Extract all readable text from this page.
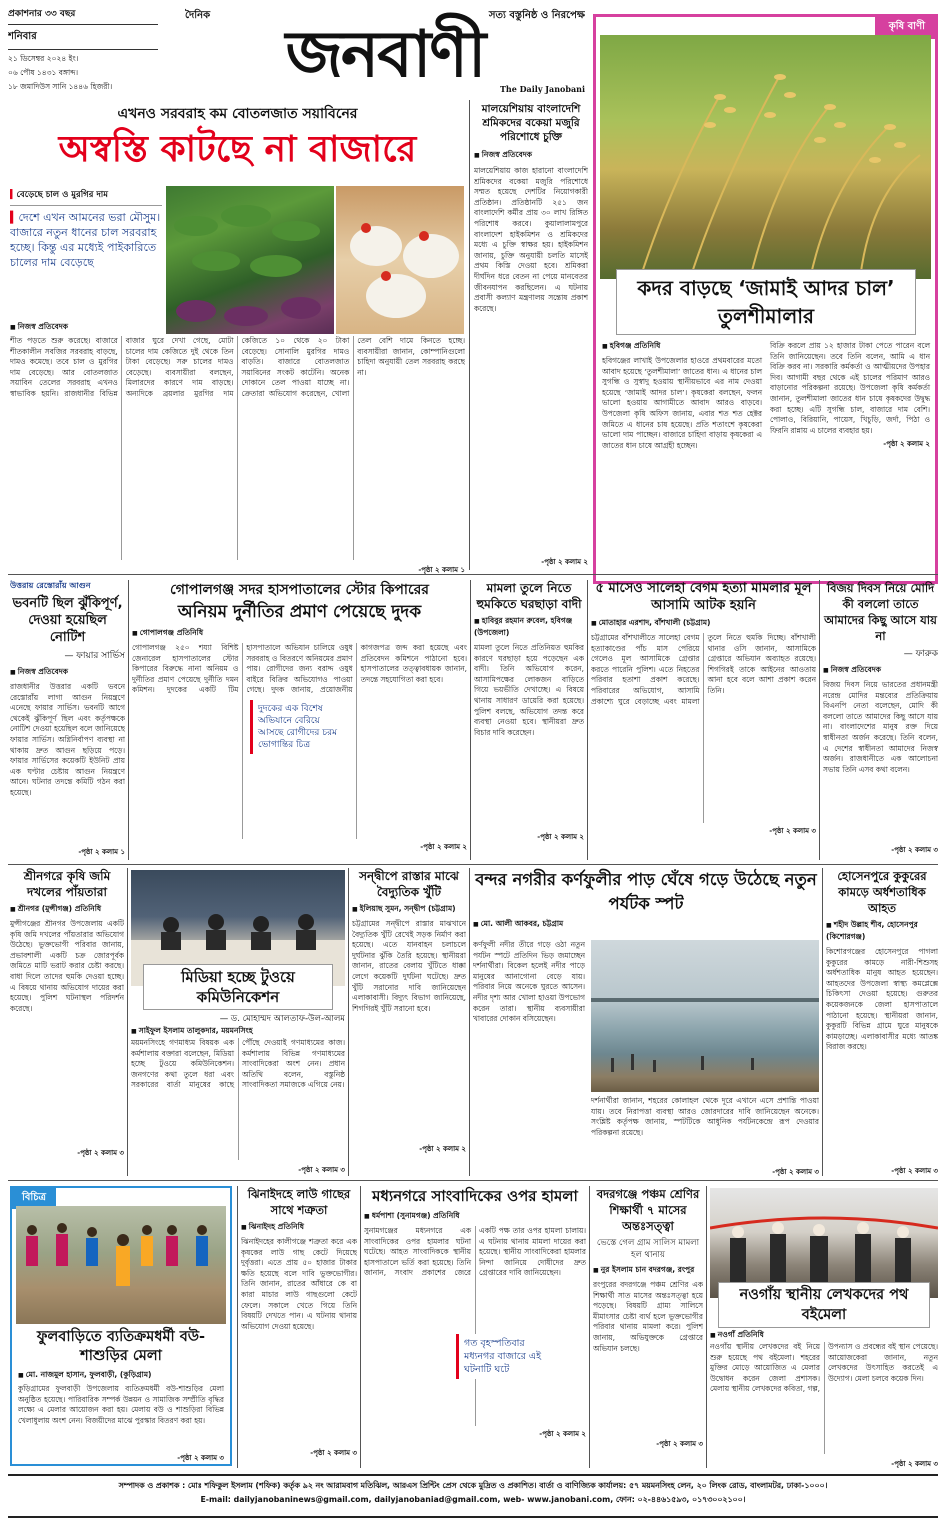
প্রকাশনার ৩৩ বছর
শনিবার
২১ ডিসেম্বর ২০২৪ ইং।
০৬ পৌষ ১৪৩১ বঙ্গাব্দ।
১৮ জমাদিউস সানি ১৪৪৬ হিজরী।
দৈনিক	সত্য বস্তুনিষ্ঠ ও নিরপেক্ষ
জনবাণী	The Daily Janobani
কৃষি বাণী
কদর বাড়ছে ‘জামাই আদর চাল’ তুলশীমালার
■ হবিগঞ্জ প্রতিনিধি
হবিগঞ্জের লাখাই উপজেলার হাওরে প্রথমবারের মতো আবাদ হয়েছে ‘তুলশীমালা’ জাতের ধান। এ ধানের চাল সুগন্ধি ও সুস্বাদু হওয়ায় স্থানীয়ভাবে এর নাম দেওয়া হয়েছে ‘জামাই আদর চাল’। কৃষকেরা বলছেন, ফলন ভালো হওয়ায় আগামীতে আবাদ আরও বাড়বে। উপজেলা কৃষি অফিস জানায়, এবার শত শত হেক্টর জমিতে এ ধানের চাষ হয়েছে। প্রতি শতাংশে কৃষকেরা ভালো দাম পাচ্ছেন। বাজারে চাহিদা বাড়ায় কৃষকেরা এ জাতের ধান চাষে আগ্রহী হচ্ছেন।
বিক্রি করলে প্রায় ১২ হাজার টাকা পেতে পারেন বলে তিনি জানিয়েছেন। তবে তিনি বলেন, আমি এ ধান বিক্রি করব না। সরকারি কর্মকর্তা ও আত্মীয়দের উপহার দিব। আগামী বছর থেকে এই চালের পরিমাণ আরও বাড়ানোর পরিকল্পনা রয়েছে। উপজেলা কৃষি কর্মকর্তা জানান, তুলশীমালা জাতের ধান চাষে কৃষকদের উদ্বুদ্ধ করা হচ্ছে। এটি সুগন্ধি চাল, বাজারে দাম বেশি। পোলাও, বিরিয়ানি, পায়েস, খিচুড়ি, জর্দা, পিঠা ও ফিরনি রান্নায় এ চালের ব্যবহার হয়।
-পৃষ্ঠা ২ কলাম ২
এখনও সরবরাহ কম বোতলজাত সয়াবিনের
অস্বস্তি কাটছে না বাজারে
▍বেড়েছে চাল ও মুরগির দাম
▍দেশে এখন আমনের ভরা মৌসুম। বাজারে নতুন ধানের চাল সরবরাহ হচ্ছে। কিন্তু এর মধ্যেই পাইকারিতে চালের দাম বেড়েছে
■ নিজস্ব প্রতিবেদক
শীত পড়তে শুরু করেছে। বাজারে শীতকালীন সবজির সরবরাহ বাড়ছে, দামও কমেছে। তবে চাল ও মুরগির দাম বেড়েছে। আর বোতলজাত সয়াবিন তেলের সরবরাহ এখনও স্বাভাবিক হয়নি। রাজধানীর বিভিন্ন বাজার ঘুরে দেখা গেছে, মোটা চালের দাম কেজিতে দুই থেকে তিন টাকা বেড়েছে। সরু চালের দামও বেড়েছে। ব্যবসায়ীরা বলছেন, মিলারদের কারণে দাম বাড়ছে। অন্যদিকে ব্রয়লার মুরগির দাম কেজিতে ১০ থেকে ২০ টাকা বেড়েছে। সোনালি মুরগির দামও বাড়তি। বাজারে বোতলজাত সয়াবিনের সংকট কাটেনি। অনেক দোকানে তেল পাওয়া যাচ্ছে না। ক্রেতারা অভিযোগ করেছেন, খোলা তেল বেশি দামে কিনতে হচ্ছে। ব্যবসায়ীরা জানান, কোম্পানিগুলো চাহিদা অনুযায়ী তেল সরবরাহ করছে না।
-পৃষ্ঠা ২ কলাম ১
মালয়েশিয়ায় বাংলাদেশি শ্রমিকদের বকেয়া মজুরি পরিশোধে চুক্তি
■ নিজস্ব প্রতিবেদক
মালয়েশিয়ায় কাজ হারানো বাংলাদেশি শ্রমিকদের বকেয়া মজুরি পরিশোধে সম্মত হয়েছে দেশটির নিয়োগকারী প্রতিষ্ঠান। প্রতিষ্ঠানটি ২৫১ জন বাংলাদেশি কর্মীর প্রায় ৩০ লাখ রিঙ্গিত পরিশোধ করবে। কুয়ালালামপুরে বাংলাদেশ হাইকমিশন ও শ্রমিকদের মধ্যে এ চুক্তি স্বাক্ষর হয়। হাইকমিশন জানায়, চুক্তি অনুযায়ী চলতি মাসেই প্রথম কিস্তি দেওয়া হবে। শ্রমিকরা দীর্ঘদিন ধরে বেতন না পেয়ে মানবেতর জীবনযাপন করছিলেন। এ ঘটনায় প্রবাসী কল্যাণ মন্ত্রণালয় সন্তোষ প্রকাশ করেছে।
-পৃষ্ঠা ২ কলাম ২
উত্তরায় রেস্তোরাঁয় আগুন
ভবনটি ছিল ঝুঁকিপূর্ণ, দেওয়া হয়েছিল নোটিশ
— ফায়ার সার্ভিস
■ নিজস্ব প্রতিবেদক
রাজধানীর উত্তরার একটি ভবনে রেস্তোরাঁয় লাগা আগুন নিয়ন্ত্রণে এনেছে ফায়ার সার্ভিস। ভবনটি আগে থেকেই ঝুঁকিপূর্ণ ছিল এবং কর্তৃপক্ষকে নোটিশ দেওয়া হয়েছিল বলে জানিয়েছে ফায়ার সার্ভিস। অগ্নিনির্বাপণ ব্যবস্থা না থাকায় দ্রুত আগুন ছড়িয়ে পড়ে। ফায়ার সার্ভিসের কয়েকটি ইউনিট প্রায় এক ঘণ্টার চেষ্টায় আগুন নিয়ন্ত্রণে আনে। ঘটনার তদন্তে কমিটি গঠন করা হয়েছে।
-পৃষ্ঠা ২ কলাম ১
গোপালগঞ্জ সদর হাসপাতালের স্টোর কিপারের
অনিয়ম দুর্নীতির প্রমাণ পেয়েছে দুদক
■ গোপালগঞ্জ প্রতিনিধি
গোপালগঞ্জ ২৫০ শয্যা বিশিষ্ট জেনারেল হাসপাতালের স্টোর কিপারের বিরুদ্ধে নানা অনিয়ম ও দুর্নীতির প্রমাণ পেয়েছে দুর্নীতি দমন কমিশন। দুদকের একটি টিম হাসপাতালে অভিযান চালিয়ে ওষুধ সরবরাহ ও বিতরণে অনিয়মের প্রমাণ পায়। রোগীদের জন্য বরাদ্দ ওষুধ বাইরে বিক্রির অভিযোগও পাওয়া গেছে। দুদক জানায়, প্রয়োজনীয় কাগজপত্র জব্দ করা হয়েছে এবং প্রতিবেদন কমিশনে পাঠানো হবে। হাসপাতালের তত্ত্বাবধায়ক জানান, তদন্তে সহযোগিতা করা হবে।
দুদকের এক বিশেষ অভিযানে বেরিয়ে আসছে রোগীদের চরম ভোগান্তির চিত্র
-পৃষ্ঠা ২ কলাম ২
মামলা তুলে নিতে হুমকিতে ঘরছাড়া বাদী
■ হাবিবুর রহমান রুবেল, হবিগঞ্জ (উপজেলা)
মামলা তুলে নিতে প্রতিনিয়ত হুমকির কারণে ঘরছাড়া হয়ে পড়েছেন এক বাদী। তিনি অভিযোগ করেন, আসামিপক্ষের লোকজন বাড়িতে গিয়ে ভয়ভীতি দেখাচ্ছে। এ বিষয়ে থানায় সাধারণ ডায়েরি করা হয়েছে। পুলিশ বলছে, অভিযোগ তদন্ত করে ব্যবস্থা নেওয়া হবে। স্থানীয়রা দ্রুত বিচার দাবি করেছেন।
-পৃষ্ঠা ২ কলাম ২
৫ মাসেও সালেহা বেগম হত্যা মামলার মূল আসামি আটক হয়নি
■ মোতাহার এরশাদ, বাঁশখালী (চট্টগ্রাম)
চট্টগ্রামের বাঁশখালীতে সালেহা বেগম হত্যাকাণ্ডের পাঁচ মাস পেরিয়ে গেলেও মূল আসামিকে গ্রেপ্তার করতে পারেনি পুলিশ। এতে নিহতের পরিবার হতাশা প্রকাশ করেছে। পরিবারের অভিযোগ, আসামি প্রকাশ্যে ঘুরে বেড়াচ্ছে এবং মামলা তুলে নিতে হুমকি দিচ্ছে। বাঁশখালী থানার ওসি জানান, আসামিকে গ্রেপ্তারে অভিযান অব্যাহত রয়েছে। শিগগিরই তাকে আইনের আওতায় আনা হবে বলে আশা প্রকাশ করেন তিনি।
-পৃষ্ঠা ২ কলাম ৩
বিজয় দিবস নিয়ে মোদি কী বললো তাতে আমাদের কিছু আসে যায় না
— ফারুক
■ নিজস্ব প্রতিবেদক
বিজয় দিবস নিয়ে ভারতের প্রধানমন্ত্রী নরেন্দ্র মোদির মন্তব্যের প্রতিক্রিয়ায় বিএনপি নেতা বলেছেন, মোদি কী বললো তাতে আমাদের কিছু আসে যায় না। বাংলাদেশের মানুষ রক্ত দিয়ে স্বাধীনতা অর্জন করেছে। তিনি বলেন, এ দেশের স্বাধীনতা আমাদের নিজস্ব অর্জন। রাজধানীতে এক আলোচনা সভায় তিনি এসব কথা বলেন।
-পৃষ্ঠা ২ কলাম ৩
শ্রীনগরে কৃষি জমি দখলের পাঁয়তারা
■ শ্রীনগর (মুন্সীগঞ্জ) প্রতিনিধি
মুন্সীগঞ্জের শ্রীনগর উপজেলায় একটি কৃষি জমি দখলের পাঁয়তারার অভিযোগ উঠেছে। ভুক্তভোগী পরিবার জানায়, প্রভাবশালী একটি চক্র জোরপূর্বক জমিতে মাটি ভরাট করার চেষ্টা করছে। বাধা দিলে তাদের হুমকি দেওয়া হচ্ছে। এ বিষয়ে থানায় অভিযোগ দায়ের করা হয়েছে। পুলিশ ঘটনাস্থল পরিদর্শন করেছে।
-পৃষ্ঠা ২ কলাম ৩
মিডিয়া হচ্ছে টুওয়ে কমিউনিকেশন
— ড. মোহাম্মদ আলতাফ-উল-আলম
■ সাইফুল ইসলাম তালুকদার, ময়মনসিংহ
ময়মনসিংহে গণমাধ্যম বিষয়ক এক কর্মশালায় বক্তারা বলেছেন, মিডিয়া হচ্ছে টুওয়ে কমিউনিকেশন। জনগণের কথা তুলে ধরা এবং সরকারের বার্তা মানুষের কাছে পৌঁছে দেওয়াই গণমাধ্যমের কাজ। কর্মশালায় বিভিন্ন গণমাধ্যমের সাংবাদিকেরা অংশ নেন। প্রধান অতিথি বলেন, বস্তুনিষ্ঠ সাংবাদিকতা সমাজকে এগিয়ে নেয়।
-পৃষ্ঠা ২ কলাম ৩
সন্দ্বীপে রাস্তার মাঝে বৈদ্যুতিক খুঁটি
■ ইলিয়াছ সুমন, সন্দ্বীপ (চট্টগ্রাম)
চট্টগ্রামের সন্দ্বীপে রাস্তার মাঝখানে বৈদ্যুতিক খুঁটি রেখেই সড়ক নির্মাণ করা হয়েছে। এতে যানবাহন চলাচলে দুর্ঘটনার ঝুঁকি তৈরি হয়েছে। স্থানীয়রা জানান, রাতের বেলায় খুঁটিতে ধাক্কা লেগে কয়েকটি দুর্ঘটনা ঘটেছে। দ্রুত খুঁটি সরানোর দাবি জানিয়েছেন এলাকাবাসী। বিদ্যুৎ বিভাগ জানিয়েছে, শিগগিরই খুঁটি সরানো হবে।
-পৃষ্ঠা ২ কলাম ২
বন্দর নগরীর কর্ণফুলীর পাড় ঘেঁষে গড়ে উঠেছে নতুন পর্যটক স্পট
■ মো. আলী আকবর, চট্টগ্রাম
কর্ণফুলী নদীর তীরে গড়ে ওঠা নতুন পর্যটন স্পটে প্রতিদিন ভিড় জমাচ্ছেন দর্শনার্থীরা। বিকেল হলেই নদীর পাড়ে মানুষের আনাগোনা বেড়ে যায়। পরিবার নিয়ে অনেকে ঘুরতে আসেন। নদীর দৃশ্য আর খোলা হাওয়া উপভোগ করেন তারা। স্থানীয় ব্যবসায়ীরা খাবারের দোকান বসিয়েছেন।
দর্শনার্থীরা জানান, শহরের কোলাহল থেকে দূরে এখানে এসে প্রশান্তি পাওয়া যায়। তবে নিরাপত্তা ব্যবস্থা আরও জোরদারের দাবি জানিয়েছেন অনেকে। সংশ্লিষ্ট কর্তৃপক্ষ জানায়, স্পটটিকে আধুনিক পর্যটনকেন্দ্রে রূপ দেওয়ার পরিকল্পনা রয়েছে।
-পৃষ্ঠা ২ কলাম ৩
হোসেনপুরে কুকুরের কামড়ে অর্ধশতাধিক আহত
■ শহীদ উল্লাহ শীব, হোসেনপুর (কিশোরগঞ্জ)
কিশোরগঞ্জের হোসেনপুরে পাগলা কুকুরের কামড়ে নারী-শিশুসহ অর্ধশতাধিক মানুষ আহত হয়েছেন। আহতদের উপজেলা স্বাস্থ্য কমপ্লেক্সে চিকিৎসা দেওয়া হয়েছে। গুরুতর কয়েকজনকে জেলা হাসপাতালে পাঠানো হয়েছে। স্থানীয়রা জানান, কুকুরটি বিভিন্ন গ্রামে ঘুরে মানুষকে কামড়াচ্ছে। এলাকাবাসীর মধ্যে আতঙ্ক বিরাজ করছে।
-পৃষ্ঠা ২ কলাম ৩
বিচিত্র
ফুলবাড়িতে ব্যতিক্রমধর্মী বউ-শাশুড়ির মেলা
■ মো. নাজমুল হাসান, ফুলবাড়ী, (কুড়িগ্রাম)
কুড়িগ্রামের ফুলবাড়ী উপজেলায় ব্যতিক্রমধর্মী বউ-শাশুড়ির মেলা অনুষ্ঠিত হয়েছে। পারিবারিক সম্পর্ক উন্নয়ন ও সামাজিক সম্প্রীতি বৃদ্ধির লক্ষ্যে এ মেলার আয়োজন করা হয়। মেলায় বউ ও শাশুড়িরা বিভিন্ন খেলাধুলায় অংশ নেন। বিজয়ীদের মাঝে পুরস্কার বিতরণ করা হয়।
-পৃষ্ঠা ২ কলাম ৩
ঝিনাইদহে লাউ গাছের সাথে শত্রুতা
■ ঝিনাইদহ প্রতিনিধি
ঝিনাইদহের কালীগঞ্জে শত্রুতা করে এক কৃষকের লাউ গাছ কেটে দিয়েছে দুর্বৃত্তরা। এতে প্রায় ৫০ হাজার টাকার ক্ষতি হয়েছে বলে দাবি ভুক্তভোগীর। তিনি জানান, রাতের আঁধারে কে বা কারা মাচার লাউ গাছগুলো কেটে ফেলে। সকালে খেতে গিয়ে তিনি বিষয়টি দেখতে পান। এ ঘটনায় থানায় অভিযোগ দেওয়া হয়েছে।
-পৃষ্ঠা ২ কলাম ৩
মধ্যনগরে সাংবাদিকের ওপর হামলা
■ ধর্মপাশা (সুনামগঞ্জ) প্রতিনিধি
সুনামগঞ্জের মধ্যনগরে এক সাংবাদিকের ওপর হামলার ঘটনা ঘটেছে। আহত সাংবাদিককে স্থানীয় হাসপাতালে ভর্তি করা হয়েছে। তিনি জানান, সংবাদ প্রকাশের জেরে একটি পক্ষ তার ওপর হামলা চালায়। এ ঘটনায় থানায় মামলা দায়ের করা হয়েছে। স্থানীয় সাংবাদিকেরা হামলার নিন্দা জানিয়ে দোষীদের দ্রুত গ্রেপ্তারের দাবি জানিয়েছেন।
গত বৃহস্পতিবার মধ্যনগর বাজারে এই ঘটনাটি ঘটে
-পৃষ্ঠা ২ কলাম ২
বদরগঞ্জে পঞ্চম শ্রেণির শিক্ষার্থী ৭ মাসের অন্তঃসত্ত্বা
ভেস্তে গেল গ্রাম সালিস মামলা হল থানায়
■ নুর ইসলাম চান বদরগঞ্জ, রংপুর
রংপুরের বদরগঞ্জে পঞ্চম শ্রেণির এক শিক্ষার্থী সাত মাসের অন্তঃসত্ত্বা হয়ে পড়েছে। বিষয়টি গ্রাম্য সালিসে মীমাংসার চেষ্টা ব্যর্থ হলে ভুক্তভোগীর পরিবার থানায় মামলা করে। পুলিশ জানায়, অভিযুক্তকে গ্রেপ্তারে অভিযান চলছে।
-পৃষ্ঠা ২ কলাম ৩
নওগাঁয় স্থানীয় লেখকদের পথ বইমেলা
■ নওগাঁ প্রতিনিধি
নওগাঁয় স্থানীয় লেখকদের বই নিয়ে শুরু হয়েছে পথ বইমেলা। শহরের মুক্তির মোড়ে আয়োজিত এ মেলার উদ্বোধন করেন জেলা প্রশাসক। মেলায় স্থানীয় লেখকদের কবিতা, গল্প, উপন্যাস ও প্রবন্ধের বই স্থান পেয়েছে। আয়োজকেরা জানান, নতুন লেখকদের উৎসাহিত করতেই এ উদ্যোগ। মেলা চলবে কয়েক দিন।
-পৃষ্ঠা ২ কলাম ৩
সম্পাদক ও প্রকাশক : মোঃ শফিকুল ইসলাম (শফিক) কর্তৃক ৯২ নং আরামবাগ মতিঝিল, আরএস প্রিন্টিং প্রেস থেকে মুদ্রিত ও প্রকাশিত। বার্তা ও বাণিজ্যিক কার্যালয়: ৫৭ ময়মনসিংহ লেন, ২০ লিংক রোড, বাংলামটর, ঢাকা-১০০০।
E-mail: dailyjanobaninews@gmail.com, dailyjanobaniad@gmail.com, web- www.janobani.com, ফোন: ০২-৪৪৬১৫৯৩, ০১৭৩০০২১০০।
